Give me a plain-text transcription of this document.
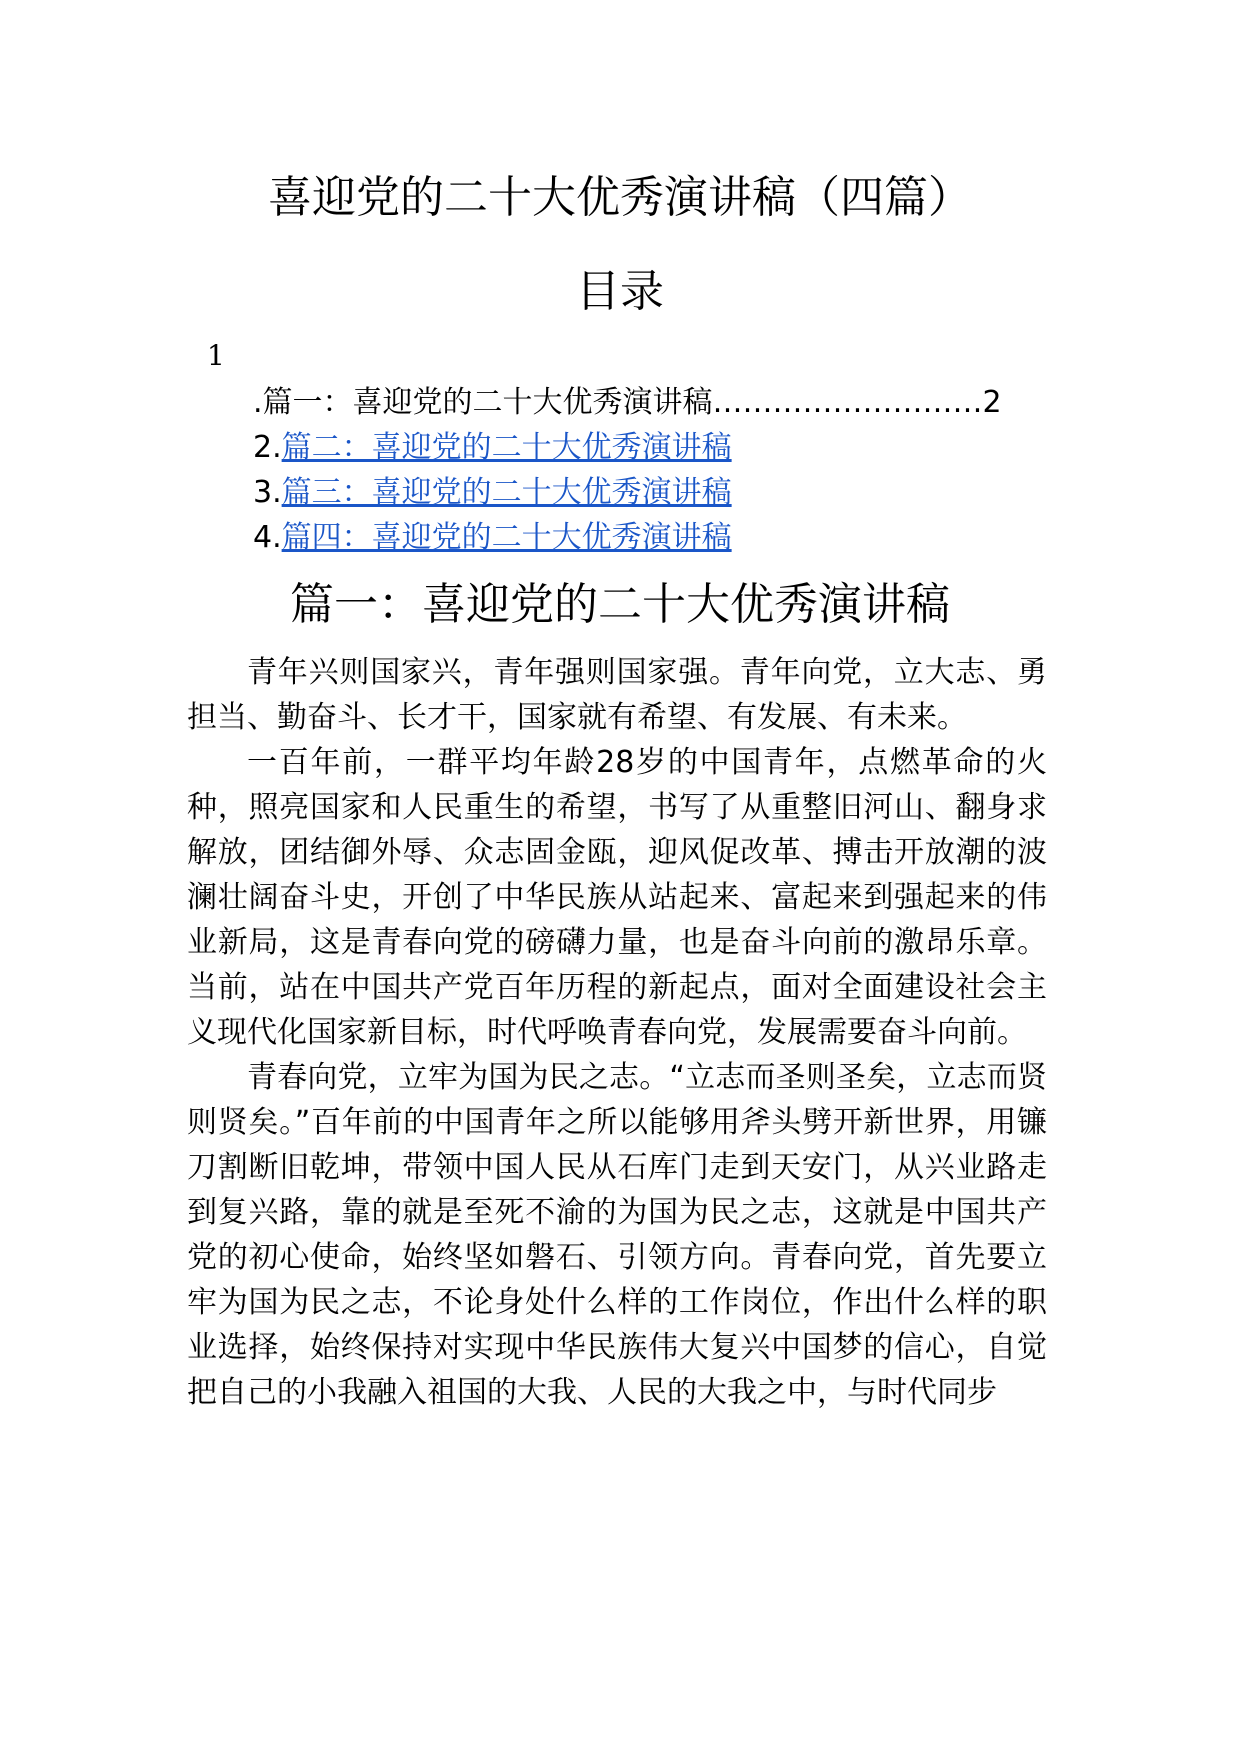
喜迎党的二十大优秀演讲稿（四篇）
目录
1
.篇一：喜迎党的二十大优秀演讲稿………………………2
2.篇二：喜迎党的二十大优秀演讲稿
3.篇三：喜迎党的二十大优秀演讲稿
4.篇四：喜迎党的二十大优秀演讲稿
篇一：喜迎党的二十大优秀演讲稿

青年兴则国家兴，青年强则国家强。青年向党，立大志、勇担当、勤奋斗、长才干，国家就有希望、有发展、有未来。

一百年前，一群平均年龄28岁的中国青年，点燃革命的火种，照亮国家和人民重生的希望，书写了从重整旧河山、翻身求解放，团结御外辱、众志固金瓯，迎风促改革、搏击开放潮的波澜壮阔奋斗史，开创了中华民族从站起来、富起来到强起来的伟业新局，这是青春向党的磅礴力量，也是奋斗向前的激昂乐章。当前，站在中国共产党百年历程的新起点，面对全面建设社会主义现代化国家新目标，时代呼唤青春向党，发展需要奋斗向前。

青春向党，立牢为国为民之志。“立志而圣则圣矣，立志而贤则贤矣。”百年前的中国青年之所以能够用斧头劈开新世界，用镰刀割断旧乾坤，带领中国人民从石库门走到天安门，从兴业路走到复兴路，靠的就是至死不渝的为国为民之志，这就是中国共产党的初心使命，始终坚如磐石、引领方向。青春向党，首先要立牢为国为民之志，不论身处什么样的工作岗位，作出什么样的职业选择，始终保持对实现中华民族伟大复兴中国梦的信心，自觉把自己的小我融入祖国的大我、人民的大我之中，与时代同步
